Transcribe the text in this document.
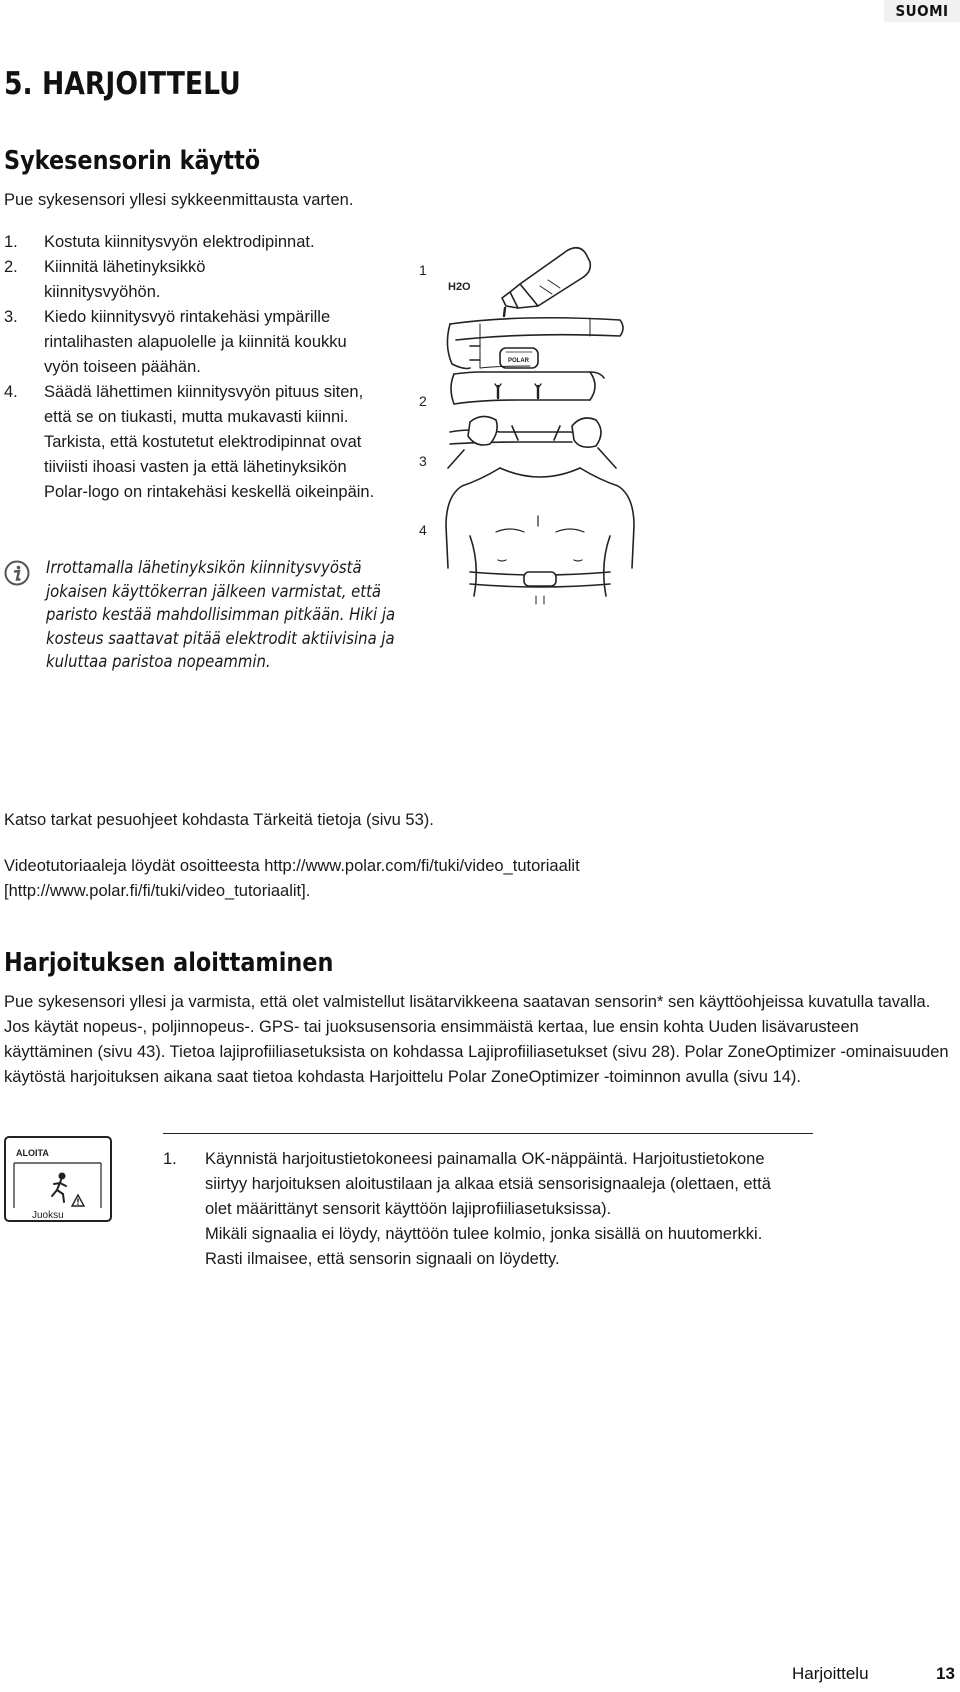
SUOMI
5. HARJOITTELU
Sykesensorin käyttö
Pue sykesensori yllesi sykkeenmittausta varten.
1. Kostuta kiinnitysvyön elektrodipinnat.
2. Kiinnitä lähetinyksikkö kiinnitysvyöhön.
3. Kiedo kiinnitysvyö rintakehäsi ympärille rintalihasten alapuolelle ja kiinnitä koukku vyön toiseen päähän.
4. Säädä lähettimen kiinnitysvyön pituus siten, että se on tiukasti, mutta mukavasti kiinni. Tarkista, että kostutetut elektrodipinnat ovat tiiviisti ihoasi vasten ja että lähetinyksikön Polar-logo on rintakehäsi keskellä oikeinpäin.
Irrottamalla lähetinyksikön kiinnitysvyöstä jokaisen käyttökerran jälkeen varmistat, että paristo kestää mahdollisimman pitkään. Hiki ja kosteus saattavat pitää elektrodit aktiivisina ja kuluttaa paristoa nopeammin.
1
2
3
4
H2O
POLAR
Katso tarkat pesuohjeet kohdasta Tärkeitä tietoja (sivu 53).
Videotutoriaaleja löydät osoitteesta http://www.polar.com/fi/tuki/video_tutoriaalit
[http://www.polar.fi/fi/tuki/video_tutoriaalit].
Harjoituksen aloittaminen
Pue sykesensori yllesi ja varmista, että olet valmistellut lisätarvikkeena saatavan sensorin* sen käyttöohjeissa kuvatulla tavalla. Jos käytät nopeus-, poljinnopeus-. GPS- tai juoksusensoria ensimmäistä kertaa, lue ensin kohta Uuden lisävarusteen käyttäminen (sivu 43). Tietoa lajiprofiiliasetuksista on kohdassa Lajiprofiiliasetukset (sivu 28). Polar ZoneOptimizer -ominaisuuden käytöstä harjoituksen aikana saat tietoa kohdasta Harjoittelu Polar ZoneOptimizer -toiminnon avulla (sivu 14).
ALOITA
Juoksu
1. Käynnistä harjoitustietokoneesi painamalla OK-näppäintä. Harjoitustietokone siirtyy harjoituksen aloitustilaan ja alkaa etsiä sensorisignaaleja (olettaen, että olet määrittänyt sensorit käyttöön lajiprofiiliasetuksissa).
Mikäli signaalia ei löydy, näyttöön tulee kolmio, jonka sisällä on huutomerkki. Rasti ilmaisee, että sensorin signaali on löydetty.
Harjoittelu	13
